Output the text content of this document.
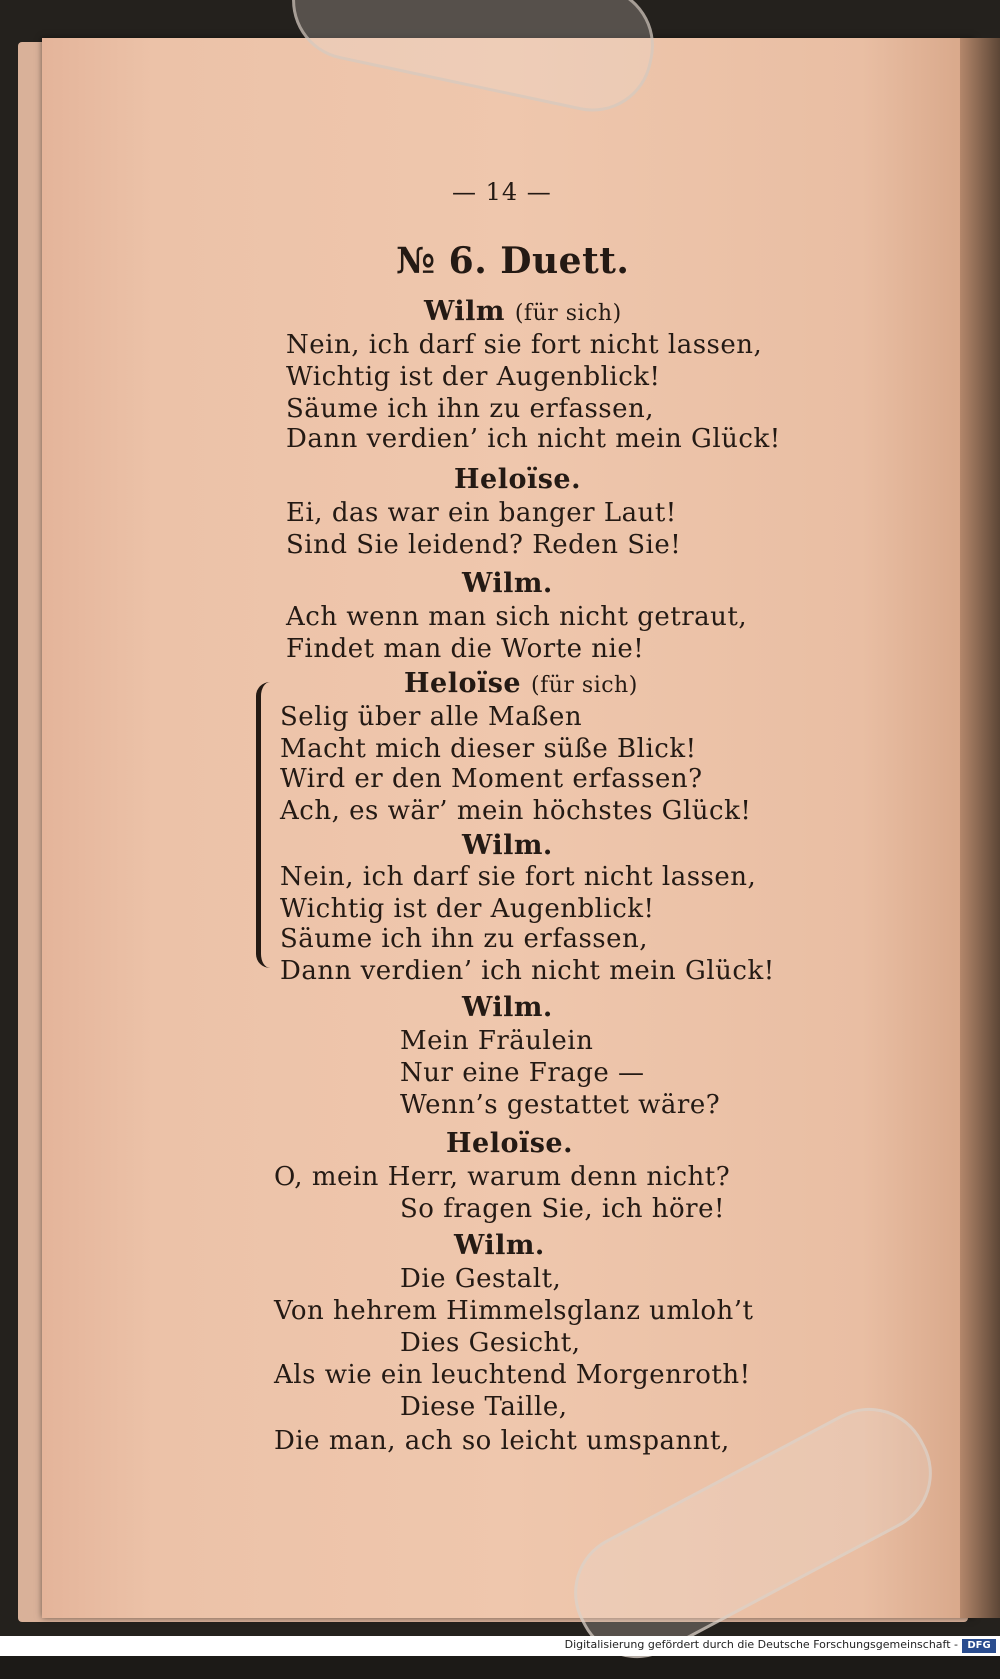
— 14 —
№ 6. Duett.
Wilm (für sich)
Nein, ich darf sie fort nicht lassen,
Wichtig ist der Augenblick!
Säume ich ihn zu erfassen,
Dann verdien’ ich nicht mein Glück!
Heloïse.
Ei, das war ein banger Laut!
Sind Sie leidend? Reden Sie!
Wilm.
Ach wenn man sich nicht getraut,
Findet man die Worte nie!
Heloïse (für sich)
Selig über alle Maßen
Macht mich dieser süße Blick!
Wird er den Moment erfassen?
Ach, es wär’ mein höchstes Glück!
Wilm.
Nein, ich darf sie fort nicht lassen,
Wichtig ist der Augenblick!
Säume ich ihn zu erfassen,
Dann verdien’ ich nicht mein Glück!
Wilm.
Mein Fräulein
Nur eine Frage —
Wenn’s gestattet wäre?
Heloïse.
O, mein Herr, warum denn nicht?
So fragen Sie, ich höre!
Wilm.
Die Gestalt,
Von hehrem Himmelsglanz umloh’t
Dies Gesicht,
Als wie ein leuchtend Morgenroth!
Diese Taille,
Die man, ach so leicht umspannt,
Digitalisierung gefördert durch die Deutsche Forschungsgemeinschaft - DFG
